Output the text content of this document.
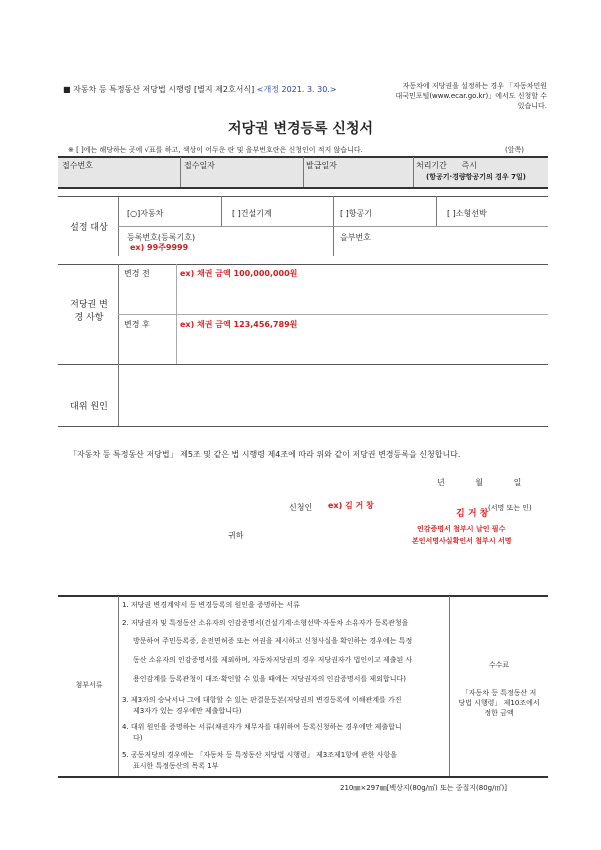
■ 자동차 등 특정동산 저당법 시행령 [별지 제2호서식] <개정 2021. 3. 30.>	자동차에 저당권을 설정하는 경우 「자동차민원
대국민포털(www.ecar.go.kr)」에서도 신청할 수
있습니다.
저당권 변경등록 신청서
※ [ ]에는 해당하는 곳에 √표를 하고, 색상이 어두운 란 및 을부번호란은 신청인이 적지 않습니다.	(앞쪽)
접수번호	접수일자	발급일자	처리기간 즉시
(항공기·경량항공기의 경우 7일)
설정 대상
[○]자동차	[ ]건설기계	[ ]항공기	[ ]소형선박
등록번호(등록기호)
ex) 99주9999
을부번호
저당권 변
경 사항
변경 전	ex) 채권 금액 100,000,000원
변경 후	ex) 채권 금액 123,456,789원
대위 원인
「자동차 등 특정동산 저당법」 제5조 및 같은 법 시행령 제4조에 따라 위와 같이 저당권 변경등록을 신청합니다.
년	월	일
신청인 ex) 김 거 창
김 거 창
(서명 또는 인)
인감증명서 첨부시 날인 필수
본인서명사실확인서 첨부시 서명
귀하
첨부서류
1. 저당권 변경계약서 등 변경등록의 원인을 증명하는 서류
2. 저당권자 및 특정동산 소유자의 인감증명서(건설기계·소형선박·자동차 소유자가 등록관청을
방문하여 주민등록증, 운전면허증 또는 여권을 제시하고 신청사실을 확인하는 경우에는 특정
동산 소유자의 인감증명서를 제외하며, 자동차저당권의 경우 저당권자가 법인이고 제출된 사
용인감계를 등록관청이 대조·확인할 수 있을 때에는 저당권자의 인감증명서를 제외합니다)
3. 제3자의 승낙서나 그에 대항할 수 있는 판결문등본(저당권의 변경등록에 이해관계를 가진
제3자가 있는 경우에만 제출합니다)
4. 대위 원인을 증명하는 서류(채권자가 채무자를 대위하여 등록신청하는 경우에만 제출합니
다)
5. 공동저당의 경우에는 「자동차 등 특정동산 저당법 시행령」 제3조제1항에 관한 사항을
표시한 특정동산의 목록 1부
수수료
「자동차 등 특정동산 저
당법 시행령」 제10조에서
정한 금액
210㎜×297㎜[백상지(80g/㎡) 또는 중질지(80g/㎡)]
